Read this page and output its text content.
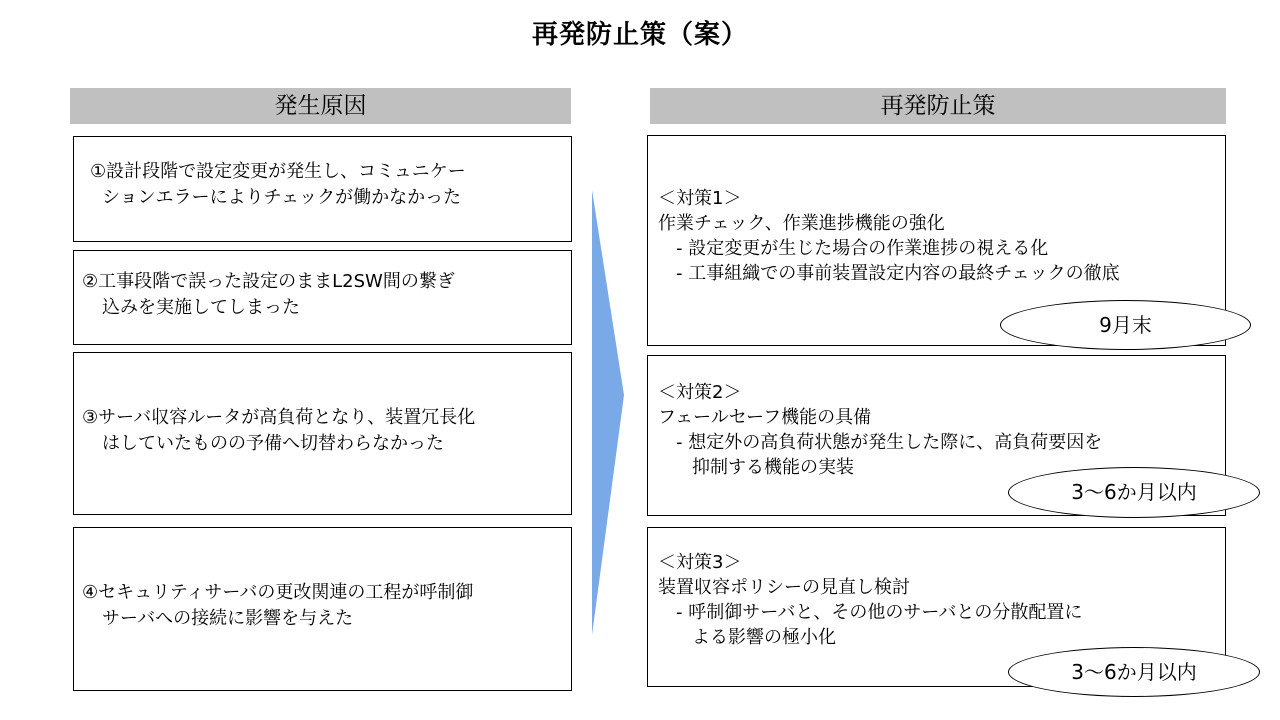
再発防止策（案）
発生原因	再発防止策
①設計段階で設定変更が発生し、コミュニケー
ションエラーによりチェックが働かなかった
②工事段階で誤った設定のままL2SW間の繋ぎ
込みを実施してしまった
③サーバ収容ルータが高負荷となり、装置冗長化
はしていたものの予備へ切替わらなかった
④セキュリティサーバの更改関連の工程が呼制御
サーバへの接続に影響を与えた
＜対策1＞
作業チェック、作業進捗機能の強化
- 設定変更が生じた場合の作業進捗の視える化
- 工事組織での事前装置設定内容の最終チェックの徹底
＜対策2＞
フェールセーフ機能の具備
- 想定外の高負荷状態が発生した際に、高負荷要因を
抑制する機能の実装
＜対策3＞
装置収容ポリシーの見直し検討
- 呼制御サーバと、その他のサーバとの分散配置に
よる影響の極小化
9月末
3～6か月以内
3～6か月以内
